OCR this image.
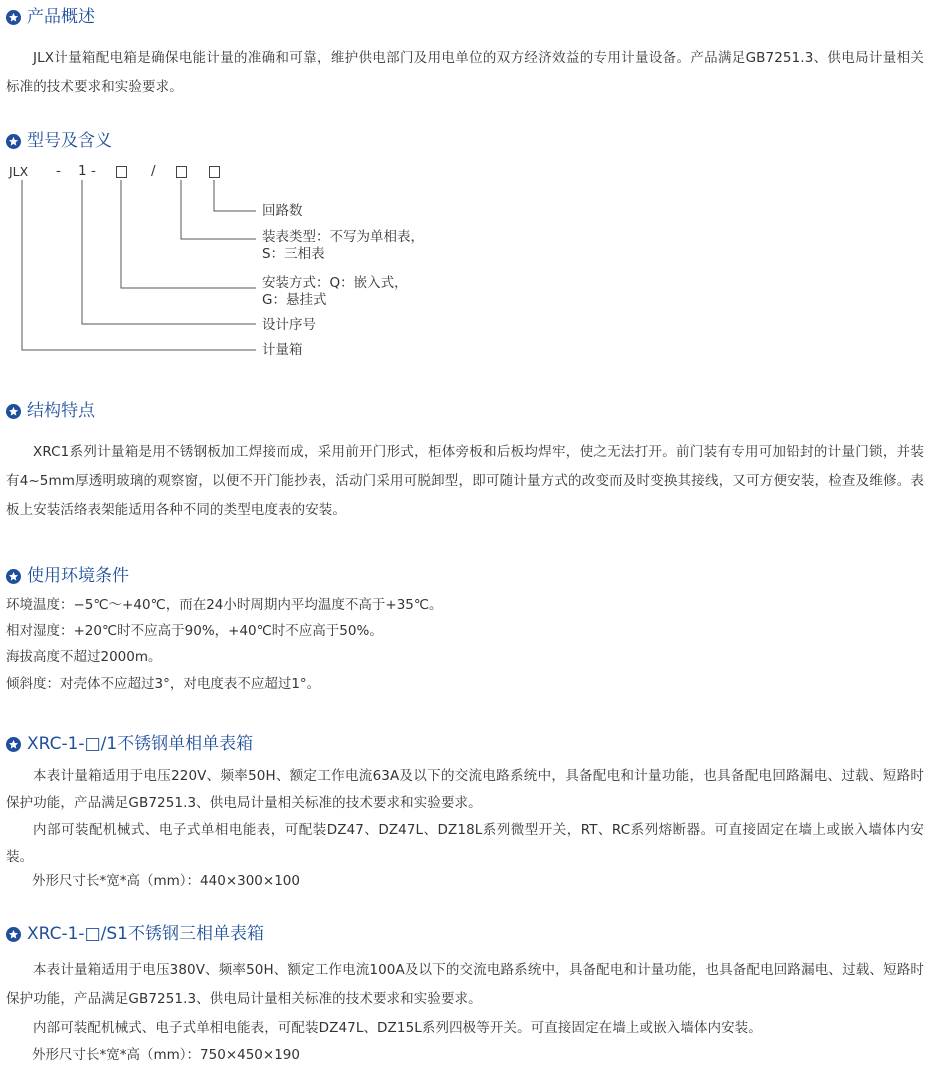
产品概述
JLX计量箱配电箱是确保电能计量的准确和可靠，维护供电部门及用电单位的双方经济效益的专用计量设备。产品满足GB7251.3、供电局计量相关标准的技术要求和实验要求。
型号及含义
JLX - 1 -	/
回路数
装表类型：不写为单相表，
S：三相表
安装方式：Q：嵌入式，
G：悬挂式
设计序号
计量箱
结构特点
XRC1系列计量箱是用不锈钢板加工焊接而成，采用前开门形式，柜体旁板和后板均焊牢，使之无法打开。前门装有专用可加铅封的计量门锁，并装有4~5mm厚透明玻璃的观察窗，以便不开门能抄表，活动门采用可脱卸型，即可随计量方式的改变而及时变换其接线，又可方便安装，检查及维修。表板上安装活络表架能适用各种不同的类型电度表的安装。
使用环境条件
环境温度：−5℃～+40℃，而在24小时周期内平均温度不高于+35℃。
相对湿度：+20℃时不应高于90%，+40℃时不应高于50%。
海拔高度不超过2000m。
倾斜度：对壳体不应超过3°，对电度表不应超过1°。
XRC-1-□/1不锈钢单相单表箱
本表计量箱适用于电压220V、频率50H、额定工作电流63A及以下的交流电路系统中，具备配电和计量功能，也具备配电回路漏电、过载、短路时保护功能，产品满足GB7251.3、供电局计量相关标准的技术要求和实验要求。
内部可装配机械式、电子式单相电能表，可配装DZ47、DZ47L、DZ18L系列微型开关，RT、RC系列熔断器。可直接固定在墙上或嵌入墙体内安装。
外形尺寸长*宽*高（mm）：440×300×100
XRC-1-□/S1不锈钢三相单表箱
本表计量箱适用于电压380V、频率50H、额定工作电流100A及以下的交流电路系统中，具备配电和计量功能，也具备配电回路漏电、过载、短路时保护功能，产品满足GB7251.3、供电局计量相关标准的技术要求和实验要求。
内部可装配机械式、电子式单相电能表，可配装DZ47L、DZ15L系列四极等开关。可直接固定在墙上或嵌入墙体内安装。
外形尺寸长*宽*高（mm）：750×450×190
